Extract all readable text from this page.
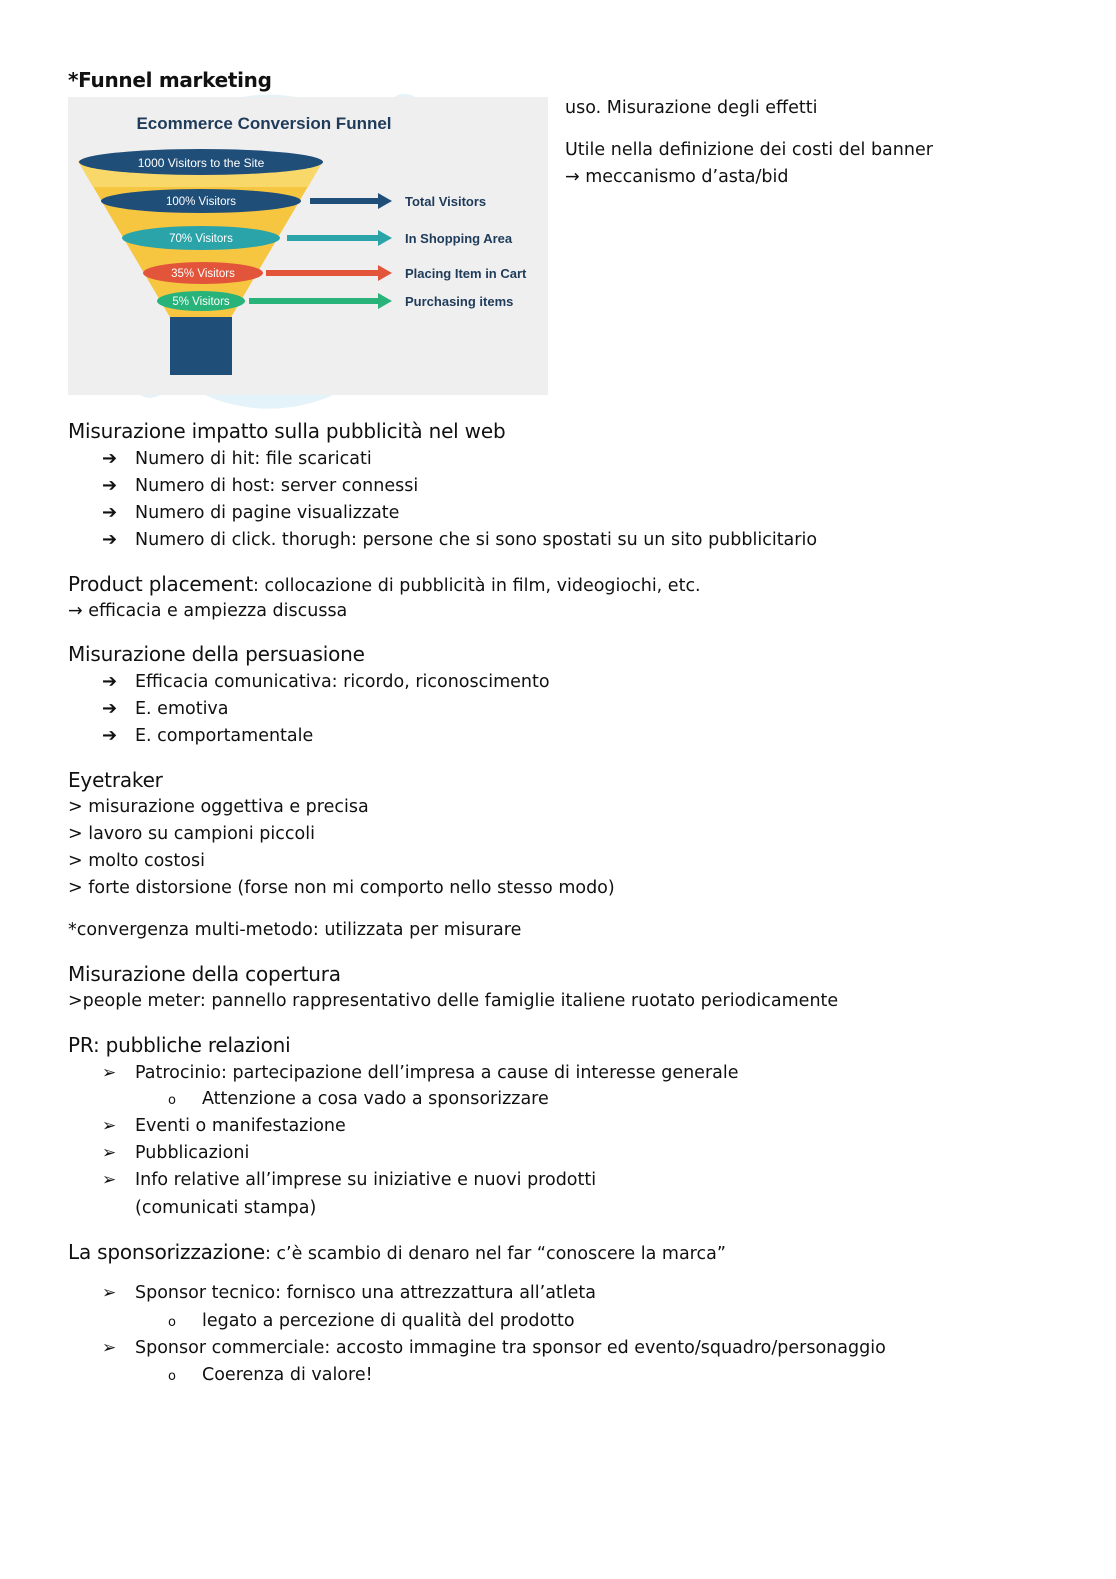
*Funnel marketing
Ecommerce Conversion Funnel
1000 Visitors to the Site
100% Visitors	Total Visitors
70% Visitors	In Shopping Area
35% Visitors	Placing Item in Cart
5% Visitors	Purchasing items
uso. Misurazione degli effetti
Utile nella definizione dei costi del banner
→ meccanismo d’asta/bid
Misurazione impatto sulla pubblicità nel web
➔ Numero di hit: file scaricati
➔ Numero di host: server connessi
➔ Numero di pagine visualizzate
➔ Numero di click. thorugh: persone che si sono spostati su un sito pubblicitario
Product placement: collocazione di pubblicità in film, videogiochi, etc.
→ efficacia e ampiezza discussa
Misurazione della persuasione
➔ Efficacia comunicativa: ricordo, riconoscimento
➔ E. emotiva
➔ E. comportamentale
Eyetraker
> misurazione oggettiva e precisa
> lavoro su campioni piccoli
> molto costosi
> forte distorsione (forse non mi comporto nello stesso modo)
*convergenza multi-metodo: utilizzata per misurare
Misurazione della copertura
>people meter: pannello rappresentativo delle famiglie italiene ruotato periodicamente
PR: pubbliche relazioni
➢ Patrocinio: partecipazione dell’impresa a cause di interesse generale
o Attenzione a cosa vado a sponsorizzare
➢ Eventi o manifestazione
➢ Pubblicazioni
➢ Info relative all’imprese su iniziative e nuovi prodotti
(comunicati stampa)
La sponsorizzazione: c’è scambio di denaro nel far “conoscere la marca”
➢ Sponsor tecnico: fornisco una attrezzattura all’atleta
o legato a percezione di qualità del prodotto
➢ Sponsor commerciale: accosto immagine tra sponsor ed evento/squadro/personaggio
o Coerenza di valore!
